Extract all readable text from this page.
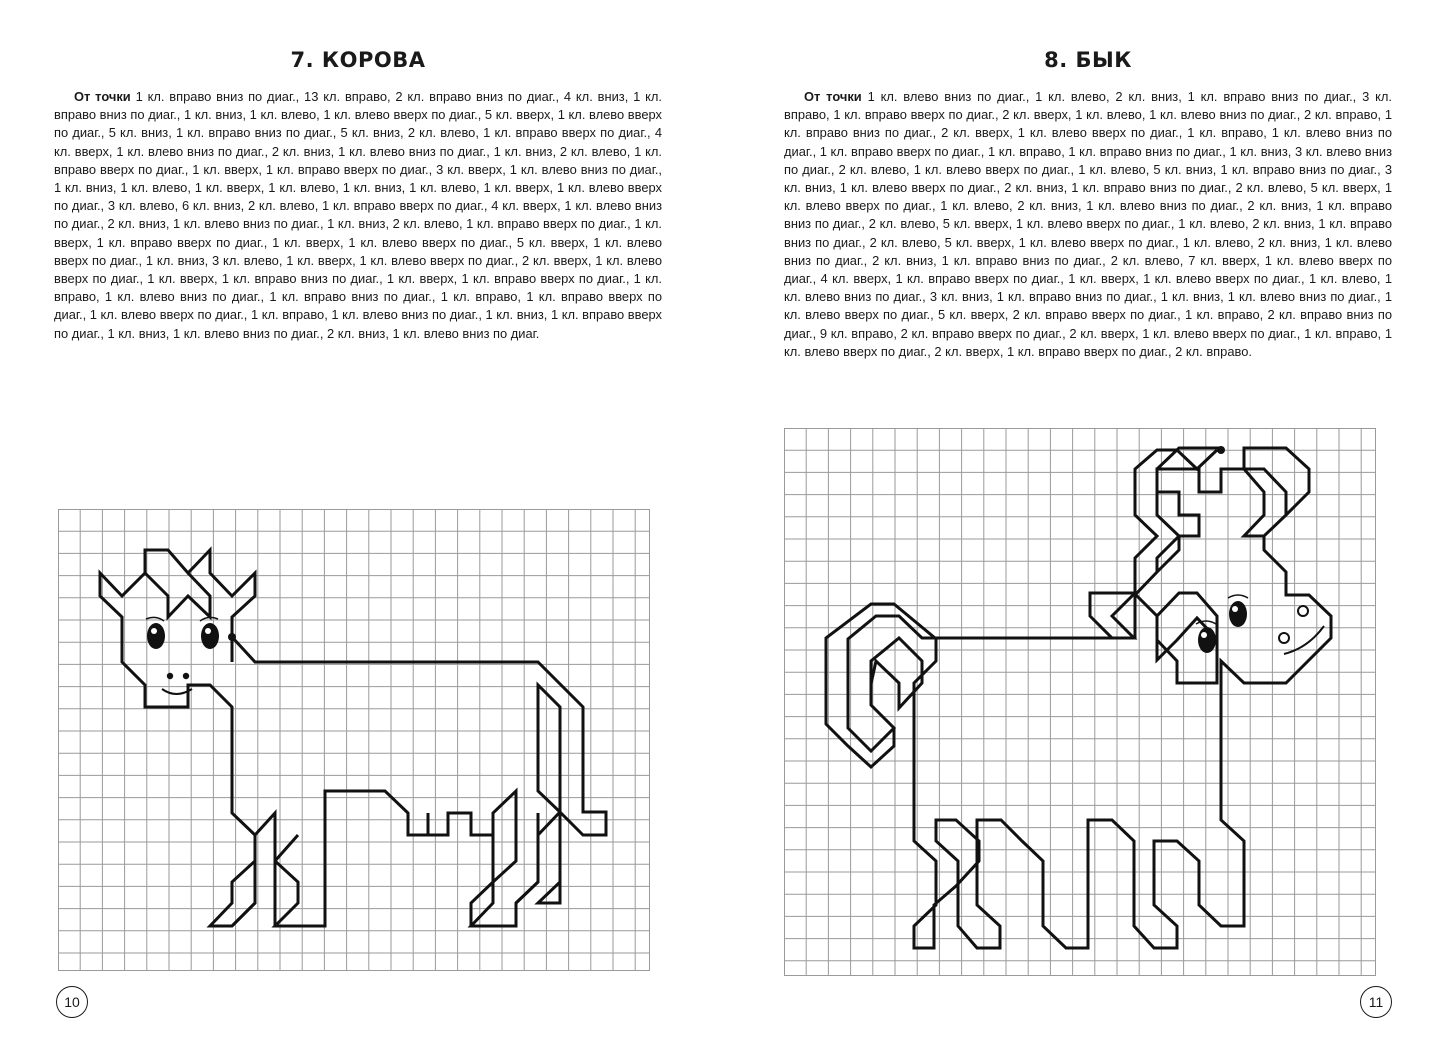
7. КОРОВА

От точки 1 кл. вправо вниз по диаг., 13 кл. вправо, 2 кл. вправо вниз по диаг., 4 кл. вниз, 1 кл. вправо вниз по диаг., 1 кл. вниз, 1 кл. влево, 1 кл. влево вверх по диаг., 5 кл. вверх, 1 кл. влево вверх по диаг., 5 кл. вниз, 1 кл. вправо вниз по диаг., 5 кл. вниз, 2 кл. влево, 1 кл. вправо вверх по диаг., 4 кл. вверх, 1 кл. влево вниз по диаг., 2 кл. вниз, 1 кл. влево вниз по диаг., 1 кл. вниз, 2 кл. влево, 1 кл. вправо вверх по диаг., 1 кл. вверх, 1 кл. вправо вверх по диаг., 3 кл. вверх, 1 кл. влево вниз по диаг., 1 кл. вниз, 1 кл. влево, 1 кл. вверх, 1 кл. влево, 1 кл. вниз, 1 кл. влево, 1 кл. вверх, 1 кл. влево вверх по диаг., 3 кл. влево, 6 кл. вниз, 2 кл. влево, 1 кл. вправо вверх по диаг., 4 кл. вверх, 1 кл. влево вниз по диаг., 2 кл. вниз, 1 кл. влево вниз по диаг., 1 кл. вниз, 2 кл. влево, 1 кл. вправо вверх по диаг., 1 кл. вверх, 1 кл. вправо вверх по диаг., 1 кл. вверх, 1 кл. влево вверх по диаг., 5 кл. вверх, 1 кл. влево вверх по диаг., 1 кл. вниз, 3 кл. влево, 1 кл. вверх, 1 кл. влево вверх по диаг., 2 кл. вверх, 1 кл. влево вверх по диаг., 1 кл. вверх, 1 кл. вправо вниз по диаг., 1 кл. вверх, 1 кл. вправо вверх по диаг., 1 кл. вправо, 1 кл. влево вниз по диаг., 1 кл. вправо вниз по диаг., 1 кл. вправо, 1 кл. вправо вверх по диаг., 1 кл. влево вверх по диаг., 1 кл. вправо, 1 кл. влево вниз по диаг., 1 кл. вниз, 1 кл. вправо вверх по диаг., 1 кл. вниз, 1 кл. влево вниз по диаг., 2 кл. вниз, 1 кл. влево вниз по диаг.

10
8. БЫК

От точки 1 кл. влево вниз по диаг., 1 кл. влево, 2 кл. вниз, 1 кл. вправо вниз по диаг., 3 кл. вправо, 1 кл. вправо вверх по диаг., 2 кл. вверх, 1 кл. влево, 1 кл. влево вниз по диаг., 2 кл. вправо, 1 кл. вправо вниз по диаг., 2 кл. вверх, 1 кл. влево вверх по диаг., 1 кл. вправо, 1 кл. влево вниз по диаг., 1 кл. вправо вверх по диаг., 1 кл. вправо, 1 кл. вправо вниз по диаг., 1 кл. вниз, 3 кл. влево вниз по диаг., 2 кл. влево, 1 кл. влево вверх по диаг., 1 кл. влево, 5 кл. вниз, 1 кл. вправо вниз по диаг., 3 кл. вниз, 1 кл. влево вверх по диаг., 2 кл. вниз, 1 кл. вправо вниз по диаг., 2 кл. влево, 5 кл. вверх, 1 кл. влево вверх по диаг., 1 кл. влево, 2 кл. вниз, 1 кл. влево вниз по диаг., 2 кл. вниз, 1 кл. вправо вниз по диаг., 2 кл. влево, 5 кл. вверх, 1 кл. влево вверх по диаг., 1 кл. влево, 2 кл. вниз, 1 кл. вправо вниз по диаг., 2 кл. влево, 5 кл. вверх, 1 кл. влево вверх по диаг., 1 кл. влево, 2 кл. вниз, 1 кл. влево вниз по диаг., 2 кл. вниз, 1 кл. вправо вниз по диаг., 2 кл. влево, 7 кл. вверх, 1 кл. влево вверх по диаг., 4 кл. вверх, 1 кл. вправо вверх по диаг., 1 кл. вверх, 1 кл. влево вверх по диаг., 1 кл. влево, 1 кл. влево вниз по диаг., 3 кл. вниз, 1 кл. вправо вниз по диаг., 1 кл. вниз, 1 кл. влево вниз по диаг., 1 кл. влево вверх по диаг., 5 кл. вверх, 2 кл. вправо вверх по диаг., 1 кл. вправо, 2 кл. вправо вниз по диаг., 9 кл. вправо, 2 кл. вправо вверх по диаг., 2 кл. вверх, 1 кл. влево вверх по диаг., 1 кл. вправо, 1 кл. влево вверх по диаг., 2 кл. вверх, 1 кл. вправо вверх по диаг., 2 кл. вправо.

11
